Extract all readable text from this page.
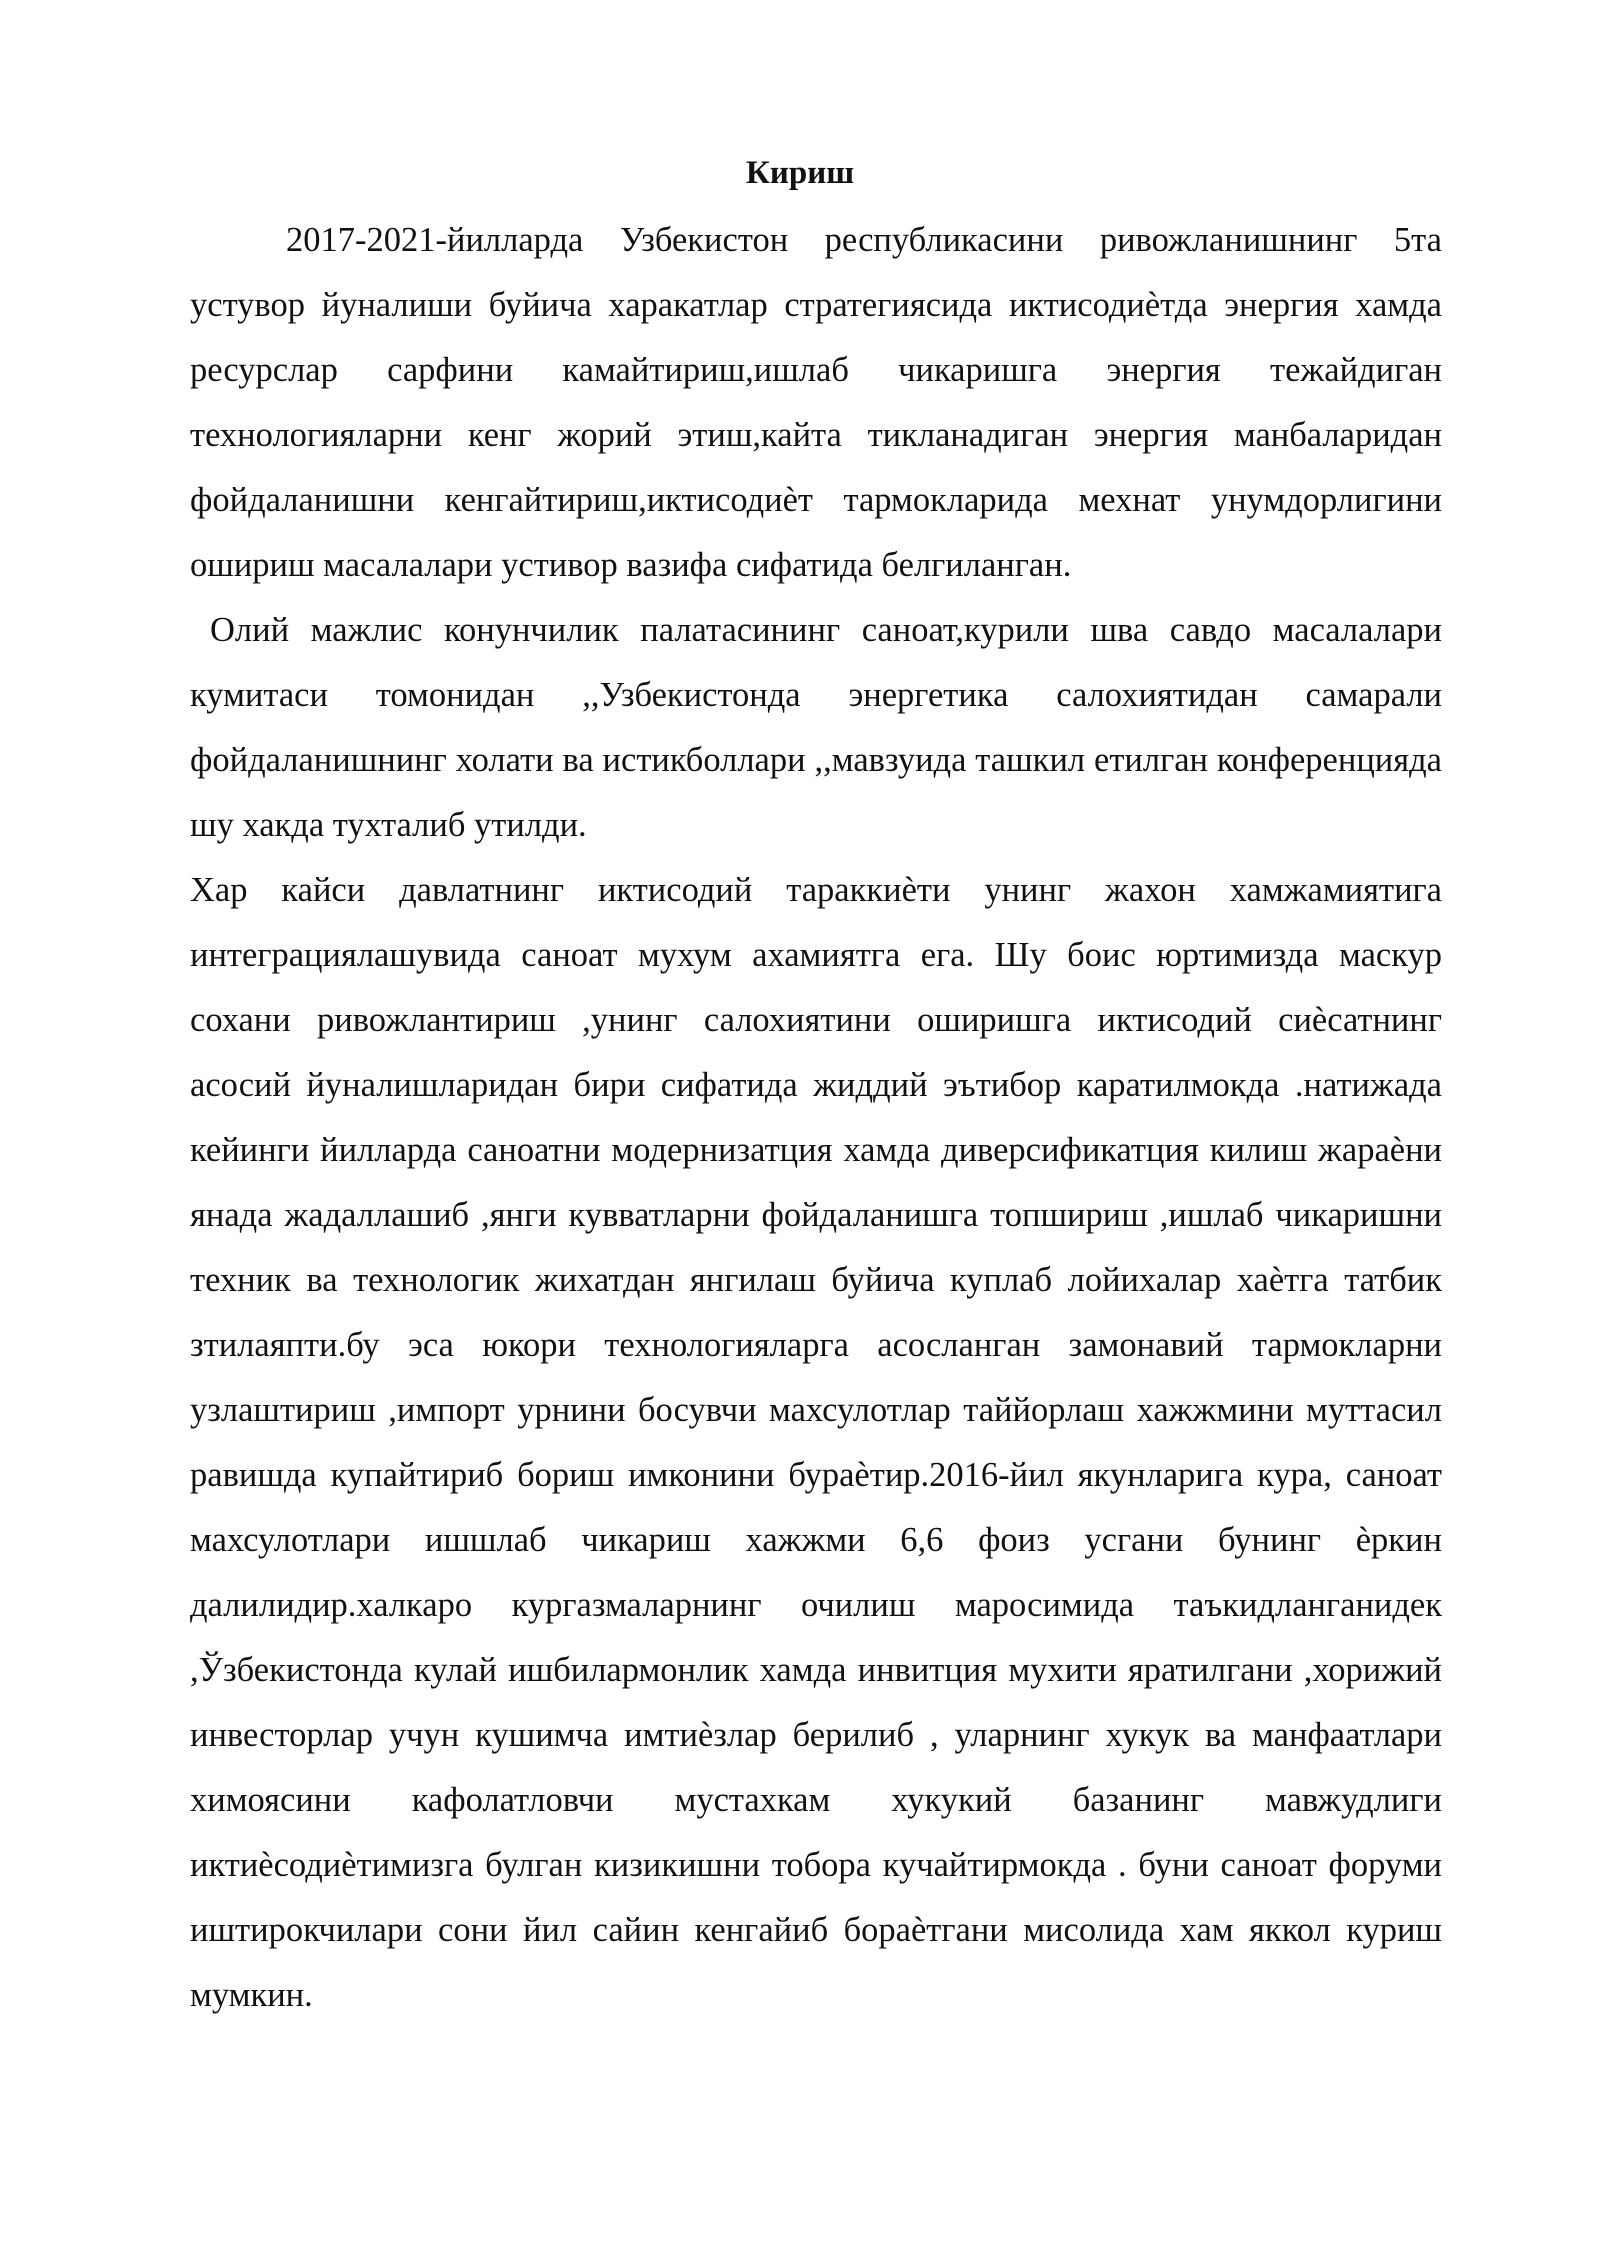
Кириш

2017-2021-йилларда Узбекистон республикасини ривожланишнинг 5та устувор йуналиши буйича харакатлар стратегиясида иктисодиѐтда энергия хамда ресурслар сарфини камайтириш,ишлаб чикаришга энергия тежайдиган технологияларни кенг жорий этиш,кайта тикланадиган энергия манбаларидан фойдаланишни кенгайтириш,иктисодиѐт тармокларида мехнат унумдорлигини ошириш масалалари устивор вазифа сифатида белгиланган.

Олий мажлис конунчилик палатасининг саноат,курили шва савдо масалалари кумитаси томонидан ,,Узбекистонда энергетика салохиятидан самарали фойдаланишнинг холати ва истикболлари ,,мавзуида ташкил етилган конференцияда шу хакда тухталиб утилди.

Хар кайси давлатнинг иктисодий тараккиѐти унинг жахон хамжамиятига интеграциялашувида саноат мухум ахамиятга ега. Шу боис юртимизда маскур сохани ривожлантириш ,унинг салохиятини оширишга иктисодий сиѐсатнинг асосий йуналишларидан бири сифатида жиддий эътибор каратилмокда .натижада кейинги йилларда саноатни модернизатция хамда диверсификатция килиш жараѐни янада жадаллашиб ,янги кувватларни фойдаланишга топшириш ,ишлаб чикаришни техник ва технологик жихатдан янгилаш буйича куплаб лойихалар хаѐтга татбик зтилаяпти.бу эса юкори технологияларга асосланган замонавий тармокларни узлаштириш ,импорт урнини босувчи махсулотлар таййорлаш хажжмини муттасил равишда купайтириб бориш имконини бураѐтир.2016-йил якунларига кура, саноат махсулотлари ишшлаб чикариш хажжми 6,6 фоиз усгани бунинг ѐркин далилидир.халкаро кургазмаларнинг очилиш маросимида таъкидланганидек ,Ўзбекистонда кулай ишбилармонлик хамда инвитция мухити яратилгани ,хорижий инвесторлар учун кушимча имтиѐзлар берилиб , уларнинг хукук ва манфаатлари химоясини кафолатловчи мустахкам хукукий базанинг мавжудлиги иктиѐсодиѐтимизга булган кизикишни тобора кучайтирмокда . буни саноат форуми иштирокчилари сони йил сайин кенгайиб бораѐтгани мисолида хам яккол куриш мумкин.
